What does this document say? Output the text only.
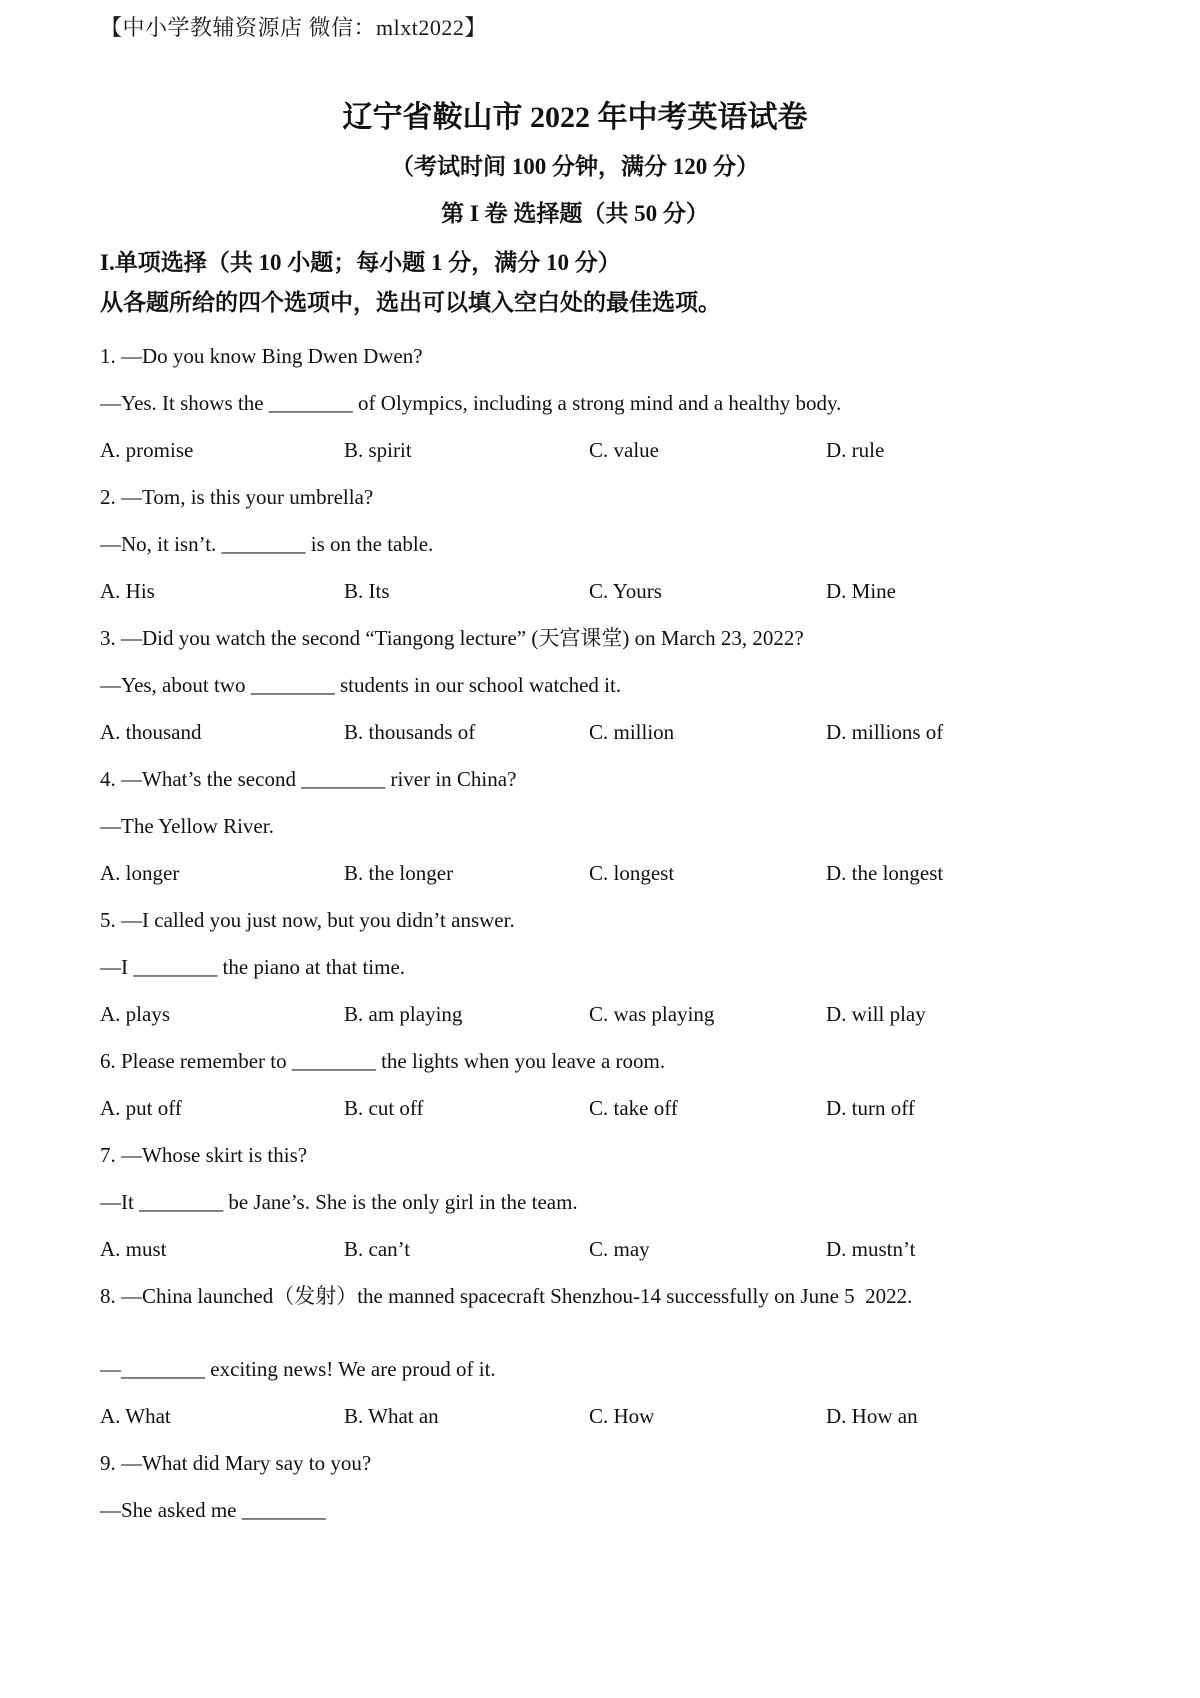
【中小学教辅资源店 微信：mlxt2022】
辽宁省鞍山市 2022 年中考英语试卷
（考试时间 100 分钟，满分 120 分）
第 I 卷 选择题（共 50 分）
I.单项选择（共 10 小题；每小题 1 分，满分 10 分）
从各题所给的四个选项中，选出可以填入空白处的最佳选项。
1. —Do you know Bing Dwen Dwen?
—Yes. It shows the ________ of Olympics, including a strong mind and a healthy body.
A. promise	B. spirit	C. value	D. rule
2. —Tom, is this your umbrella?
—No, it isn’t. ________ is on the table.
A. His	B. Its	C. Yours	D. Mine
3. —Did you watch the second “Tiangong lecture” (天宫课堂) on March 23, 2022?
—Yes, about two ________ students in our school watched it.
A. thousand	B. thousands of	C. million	D. millions of
4. —What’s the second ________ river in China?
—The Yellow River.
A. longer	B. the longer	C. longest	D. the longest
5. —I called you just now, but you didn’t answer.
—I ________ the piano at that time.
A. plays	B. am playing	C. was playing	D. will play
6. Please remember to ________ the lights when you leave a room.
A. put off	B. cut off	C. take off	D. turn off
7. —Whose skirt is this?
—It ________ be Jane’s. She is the only girl in the team.
A. must	B. can’t	C. may	D. mustn’t
8. —China launched（发射）the manned spacecraft Shenzhou-14 successfully on June 5  2022.
—________ exciting news! We are proud of it.
A. What	B. What an	C. How	D. How an
9. —What did Mary say to you?
—She asked me ________
